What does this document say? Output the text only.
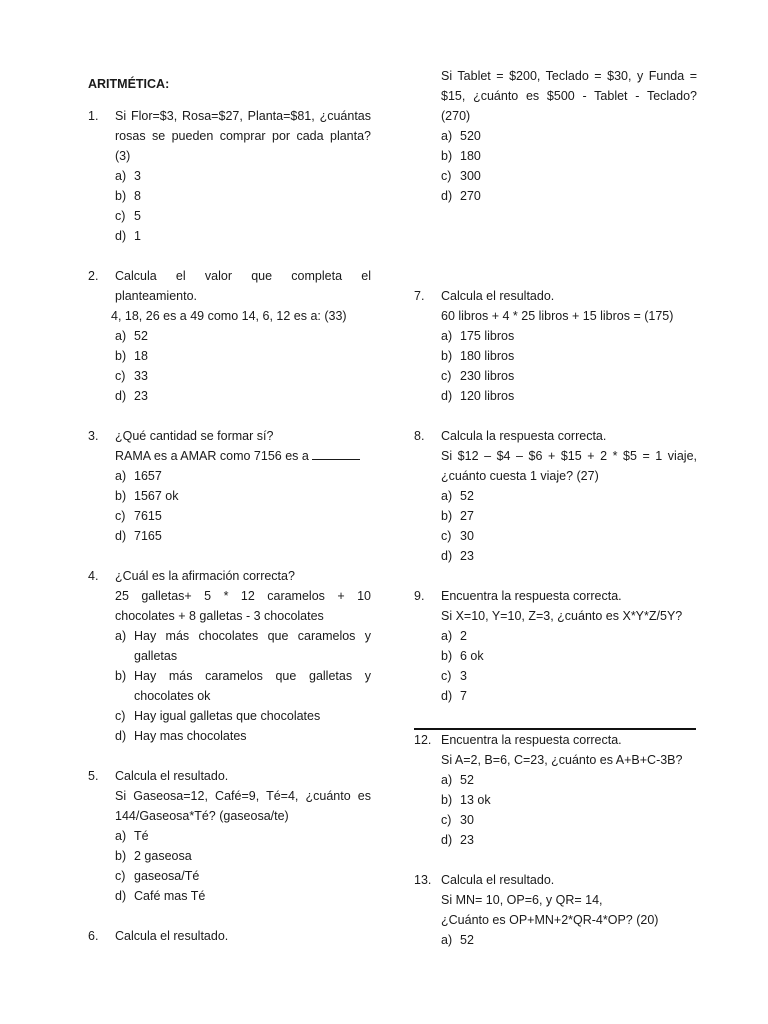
ARITMÉTICA:
1.	Si Flor=$3, Rosa=$27, Planta=$81, ¿cuántas
rosas se pueden comprar por cada planta?
(3)
a) 3
b) 8
c) 5
d) 1
2.	Calcula el valor que completa el
planteamiento.
4, 18, 26 es a 49 como 14, 6, 12 es a: (33)
a) 52
b) 18
c) 33
d) 23
3.	¿Qué cantidad se formar sí?
RAMA es a AMAR como 7156 es a
a) 1657
b) 1567 ok
c) 7615
d) 7165
4.	¿Cuál es la afirmación correcta?
25 galletas+ 5 * 12 caramelos + 10
chocolates + 8 galletas - 3 chocolates
a) Hay más chocolates que caramelos y galletas
b) Hay más caramelos que galletas y chocolates ok
c) Hay igual galletas que chocolates
d) Hay mas chocolates
5.	Calcula el resultado.
Si Gaseosa=12, Café=9, Té=4, ¿cuánto es
144/Gaseosa*Té? (gaseosa/te)
a) Té
b) 2 gaseosa
c) gaseosa/Té
d) Café mas Té
6.	Calcula el resultado.
Si Tablet = $200, Teclado = $30, y Funda =
$15, ¿cuánto es $500 - Tablet - Teclado?
(270)
a) 520
b) 180
c) 300
d) 270
7.	Calcula el resultado.
60 libros + 4 * 25 libros + 15 libros = (175)
a) 175 libros
b) 180 libros
c) 230 libros
d) 120 libros
8.	Calcula la respuesta correcta.
Si $12 – $4 – $6 + $15 + 2 * $5 = 1 viaje,
¿cuánto cuesta 1 viaje? (27)
a) 52
b) 27
c) 30
d) 23
9.	Encuentra la respuesta correcta.
Si X=10, Y=10, Z=3, ¿cuánto es X*Y*Z/5Y?
a) 2
b) 6 ok
c) 3
d) 7
12. Encuentra la respuesta correcta.
Si A=2, B=6, C=23, ¿cuánto es A+B+C-3B?
a) 52
b) 13 ok
c) 30
d) 23
13. Calcula el resultado.
Si MN= 10, OP=6, y QR= 14,
¿Cuánto es OP+MN+2*QR-4*OP? (20)
a) 52
